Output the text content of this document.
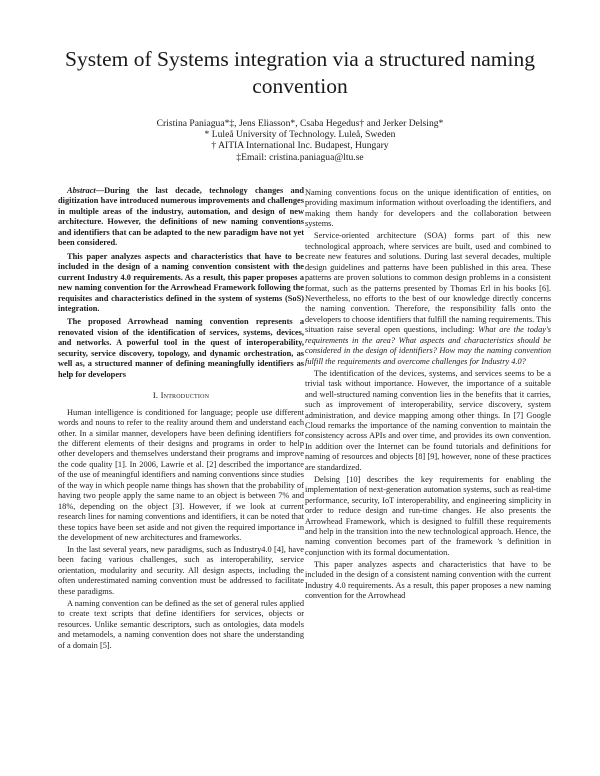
System of Systems integration via a structured naming convention
Cristina Paniagua*‡, Jens Eliasson*, Csaba Hegedus† and Jerker Delsing*
* Luleå University of Technology. Luleå, Sweden
† AITIA International Inc. Budapest, Hungary
‡Email: cristina.paniagua@ltu.se

Abstract—During the last decade, technology changes and digitization have introduced numerous improvements and challenges in multiple areas of the industry, automation, and design of new architecture. However, the definitions of new naming conventions and identifiers that can be adapted to the new paradigm have not yet been considered.

This paper analyzes aspects and characteristics that have to be included in the design of a naming convention consistent with the current Industry 4.0 requirements. As a result, this paper proposes a new naming convention for the Arrowhead Framework following the requisites and characteristics defined in the system of systems (SoS) integration.

The proposed Arrowhead naming convention represents a renovated vision of the identification of services, systems, devices, and networks. A powerful tool in the quest of interoperability, security, service discovery, topology, and dynamic orchestration, as well as, a structured manner of defining meaningfully identifiers as help for developers

I. Introduction

Human intelligence is conditioned for language; people use different words and nouns to refer to the reality around them and understand each other. In a similar manner, developers have been defining identifiers for the different elements of their designs and programs in order to help other developers and themselves understand their programs and improve the code quality [1]. In 2006, Lawrie et al. [2] described the importance of the use of meaningful identifiers and naming conventions since studies of the way in which people name things has shown that the probability of having two people apply the same name to an object is between 7% and 18%, depending on the object [3]. However, if we look at current research lines for naming conventions and identifiers, it can be noted that these topics have been set aside and not given the required importance in the development of new architectures and frameworks.

In the last several years, new paradigms, such as Industry4.0 [4], have been facing various challenges, such as interoperability, service orientation, modularity and security. All design aspects, including the often underestimated naming convention must be addressed to facilitate these paradigms.

A naming convention can be defined as the set of general rules applied to create text scripts that define identifiers for services, objects or resources. Unlike semantic descriptors, such as ontologies, data models and metamodels, a naming convention does not share the understanding of a domain [5].

Naming conventions focus on the unique identification of entities, on providing maximum information without overloading the identifiers, and making them handy for developers and the collaboration between systems.

Service-oriented architecture (SOA) forms part of this new technological approach, where services are built, used and combined to create new features and solutions. During last several decades, multiple design guidelines and patterns have been published in this area. These patterns are proven solutions to common design problems in a consistent format, such as the patterns presented by Thomas Erl in his books [6]. Nevertheless, no efforts to the best of our knowledge directly concerns the naming convention. Therefore, the responsibility falls onto the developers to choose identifiers that fulfill the naming requirements. This situation raise several open questions, including: What are the today's requirements in the area? What aspects and characteristics should be considered in the design of identifiers? How may the naming convention fulfill the requirements and overcome challenges for Industry 4.0?

The identification of the devices, systems, and services seems to be a trivial task without importance. However, the importance of a suitable and well-structured naming convention lies in the benefits that it carries, such as improvement of interoperability, service discovery, system administration, and device mapping among other things. In [7] Google Cloud remarks the importance of the naming convention to maintain the consistency across APIs and over time, and provides its own convention. In addition over the Internet can be found tutorials and definitions for naming of resources and objects [8] [9], however, none of these practices are standardized.

Delsing [10] describes the key requirements for enabling the implementation of next-generation automation systems, such as real-time performance, security, IoT interoperability, and engineering simplicity in order to reduce design and run-time changes. He also presents the Arrowhead Framework, which is designed to fulfill these requirements and help in the transition into the new technological approach. Hence, the naming convention becomes part of the framework 's definition in conjunction with its formal documentation.

This paper analyzes aspects and characteristics that have to be included in the design of a consistent naming convention with the current Industry 4.0 requirements. As a result, this paper proposes a new naming convention for the Arrowhead
